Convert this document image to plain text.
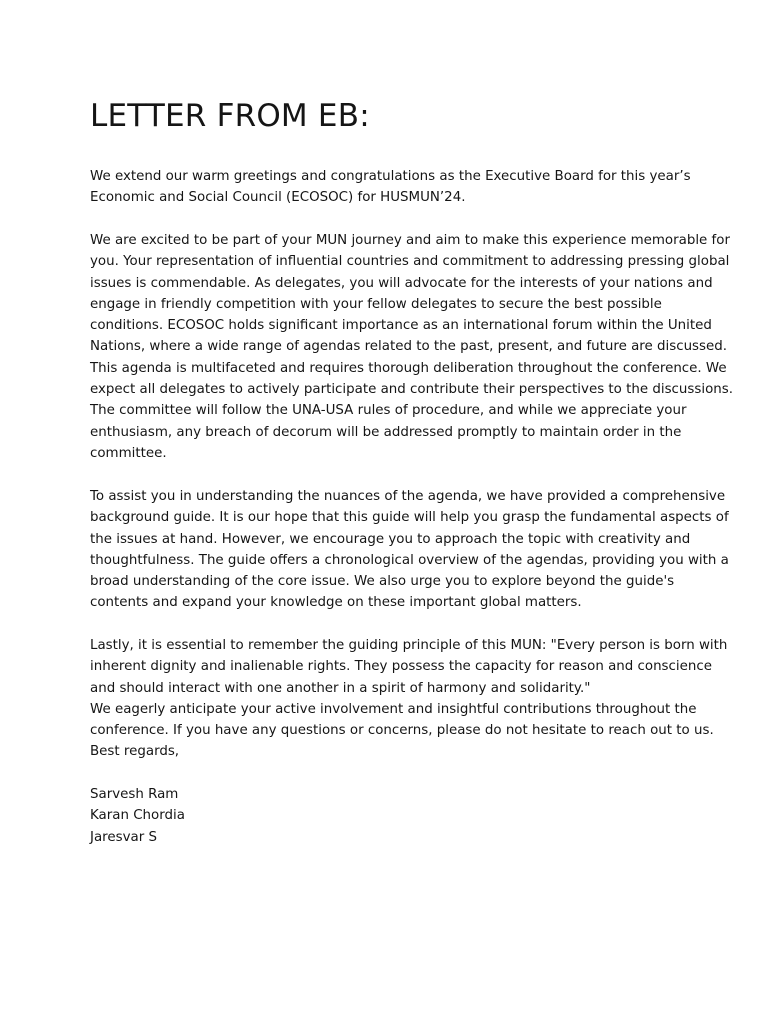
LETTER FROM EB:

We extend our warm greetings and congratulations as the Executive Board for this year’s
Economic and Social Council (ECOSOC) for HUSMUN’24.

We are excited to be part of your MUN journey and aim to make this experience memorable for
you. Your representation of influential countries and commitment to addressing pressing global
issues is commendable. As delegates, you will advocate for the interests of your nations and
engage in friendly competition with your fellow delegates to secure the best possible
conditions. ECOSOC holds significant importance as an international forum within the United
Nations, where a wide range of agendas related to the past, present, and future are discussed.
This agenda is multifaceted and requires thorough deliberation throughout the conference. We
expect all delegates to actively participate and contribute their perspectives to the discussions.
The committee will follow the UNA-USA rules of procedure, and while we appreciate your
enthusiasm, any breach of decorum will be addressed promptly to maintain order in the
committee.

To assist you in understanding the nuances of the agenda, we have provided a comprehensive
background guide. It is our hope that this guide will help you grasp the fundamental aspects of
the issues at hand. However, we encourage you to approach the topic with creativity and
thoughtfulness. The guide offers a chronological overview of the agendas, providing you with a
broad understanding of the core issue. We also urge you to explore beyond the guide's
contents and expand your knowledge on these important global matters.

Lastly, it is essential to remember the guiding principle of this MUN: "Every person is born with
inherent dignity and inalienable rights. They possess the capacity for reason and conscience
and should interact with one another in a spirit of harmony and solidarity."
We eagerly anticipate your active involvement and insightful contributions throughout the
conference. If you have any questions or concerns, please do not hesitate to reach out to us.
Best regards,

Sarvesh Ram
Karan Chordia
Jaresvar S
